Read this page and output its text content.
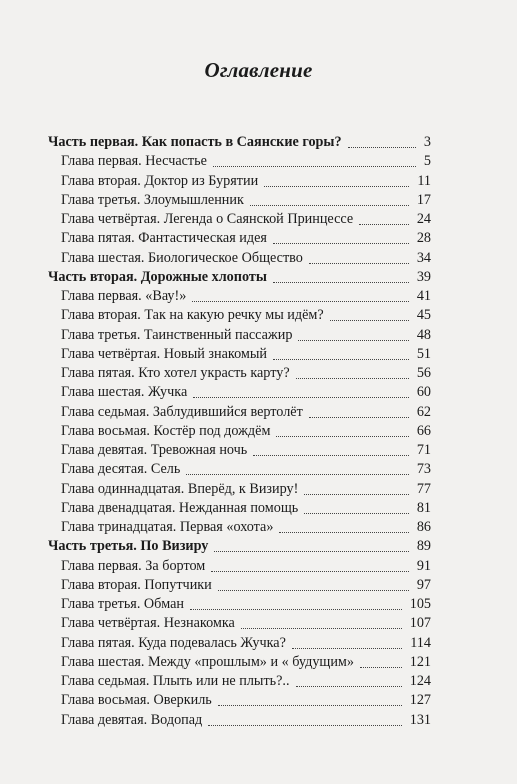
Оглавление
Часть первая. Как попасть в Саянские горы?	3
Глава первая. Несчастье	5
Глава вторая. Доктор из Бурятии	11
Глава третья. Злоумышленник	17
Глава четвёртая. Легенда о Саянской Принцессе	24
Глава пятая. Фантастическая идея	28
Глава шестая. Биологическое Общество	34
Часть вторая. Дорожные хлопоты	39
Глава первая. «Вау!»	41
Глава вторая. Так на какую речку мы идём?	45
Глава третья. Таинственный пассажир	48
Глава четвёртая. Новый знакомый	51
Глава пятая. Кто хотел украсть карту?	56
Глава шестая. Жучка	60
Глава седьмая. Заблудившийся вертолёт	62
Глава восьмая. Костёр под дождём	66
Глава девятая. Тревожная ночь	71
Глава десятая. Сель	73
Глава одиннадцатая. Вперёд, к Визиру!	77
Глава двенадцатая. Нежданная помощь	81
Глава тринадцатая. Первая «охота»	86
Часть третья. По Визиру	89
Глава первая. За бортом	91
Глава вторая. Попутчики	97
Глава третья. Обман	105
Глава четвёртая. Незнакомка	107
Глава пятая. Куда подевалась Жучка?	114
Глава шестая. Между «прошлым» и « будущим»	121
Глава седьмая. Плыть или не плыть?..	124
Глава восьмая. Оверкиль	127
Глава девятая. Водопад	131
